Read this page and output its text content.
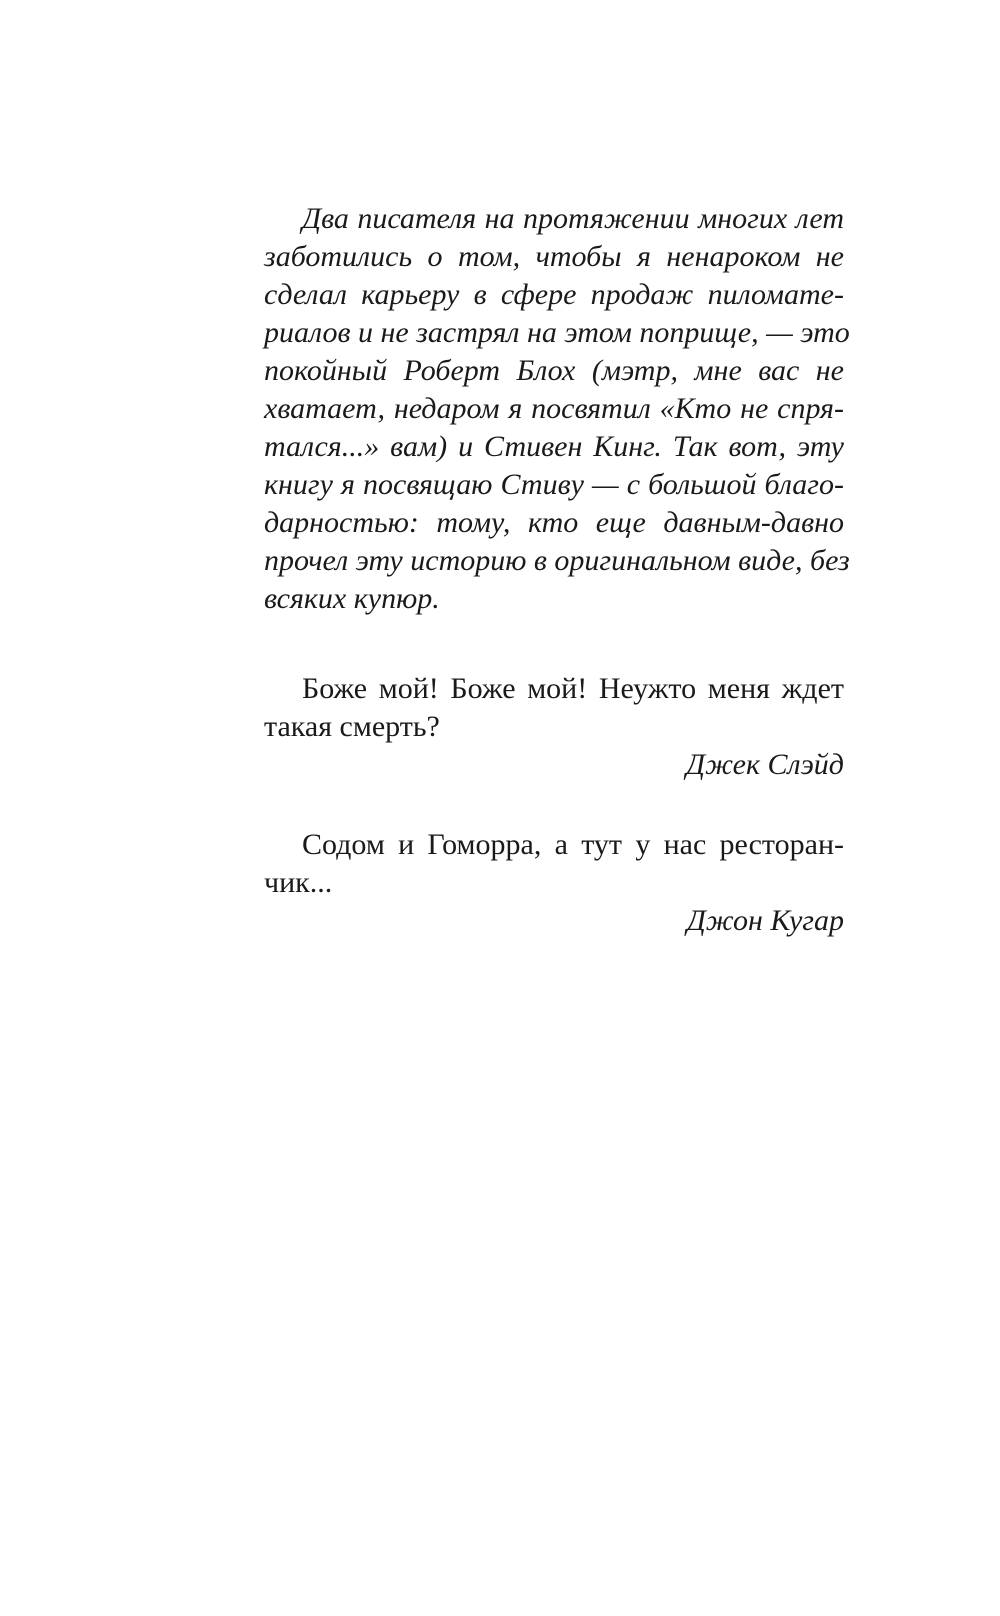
Два писателя на протяжении многих лет
заботились о том, чтобы я ненароком не
сделал карьеру в сфере продаж пиломате-
риалов и не застрял на этом поприще, — это
покойный Роберт Блох (мэтр, мне вас не
хватает, недаром я посвятил «Кто не спря-
тался...» вам) и Стивен Кинг. Так вот, эту
книгу я посвящаю Стиву — с большой благо-
дарностью: тому, кто еще давным-давно
прочел эту историю в оригинальном виде, без
всяких купюр.
Боже мой! Боже мой! Неужто меня ждет
такая смерть?
Джек Слэйд
Содом и Гоморра, а тут у нас ресторан-
чик...
Джон Кугар
